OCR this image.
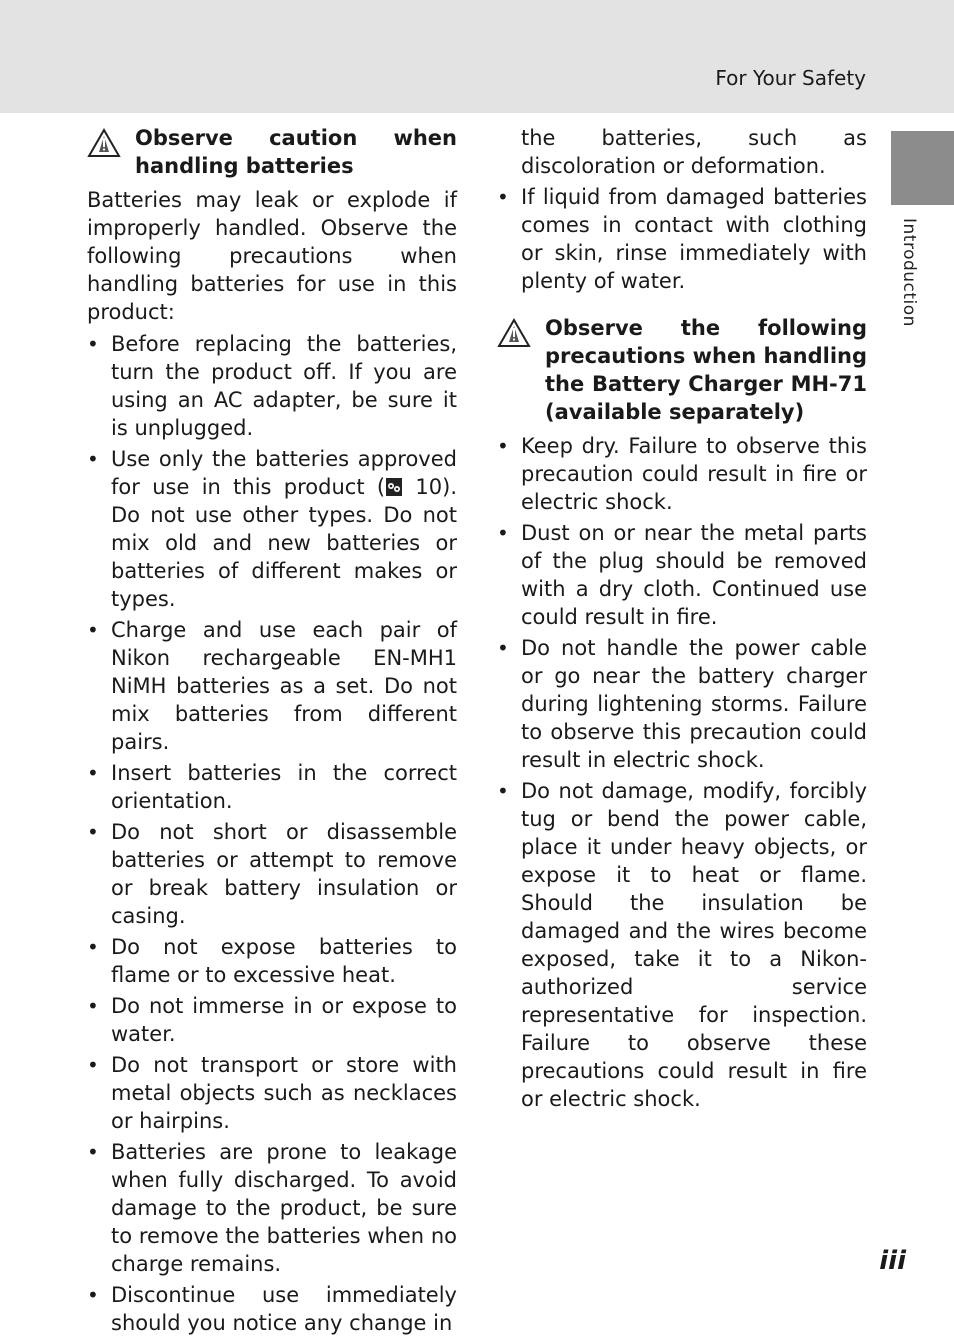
For Your Safety
Introduction
Observe caution when handling batteries

Batteries may leak or explode if improperly handled. Observe the following precautions when handling batteries for use in this product:

• Before replacing the batteries, turn the product off. If you are using an AC adapter, be sure it is unplugged.
• Use only the batteries approved for use in this product ( 10). Do not use other types. Do not mix old and new batteries or batteries of different makes or types.
• Charge and use each pair of Nikon rechargeable EN-MH1 NiMH batteries as a set. Do not mix batteries from different pairs.
• Insert batteries in the correct orientation.
• Do not short or disassemble batteries or attempt to remove or break battery insulation or casing.
• Do not expose batteries to flame or to excessive heat.
• Do not immerse in or expose to water.
• Do not transport or store with metal objects such as necklaces or hairpins.
• Batteries are prone to leakage when fully discharged. To avoid damage to the product, be sure to remove the batteries when no charge remains.
• Discontinue use immediately should you notice any change in

the batteries, such as discoloration or deformation.

• If liquid from damaged batteries comes in contact with clothing or skin, rinse immediately with plenty of water.
Observe the following precautions when handling the Battery Charger MH-71 (available separately)
• Keep dry. Failure to observe this precaution could result in fire or electric shock.
• Dust on or near the metal parts of the plug should be removed with a dry cloth. Continued use could result in fire.
• Do not handle the power cable or go near the battery charger during lightening storms. Failure to observe this precaution could result in electric shock.
• Do not damage, modify, forcibly tug or bend the power cable, place it under heavy objects, or expose it to heat or flame. Should the insulation be damaged and the wires become exposed, take it to a Nikon-authorized service representative for inspection. Failure to observe these precautions could result in fire or electric shock.
iii
